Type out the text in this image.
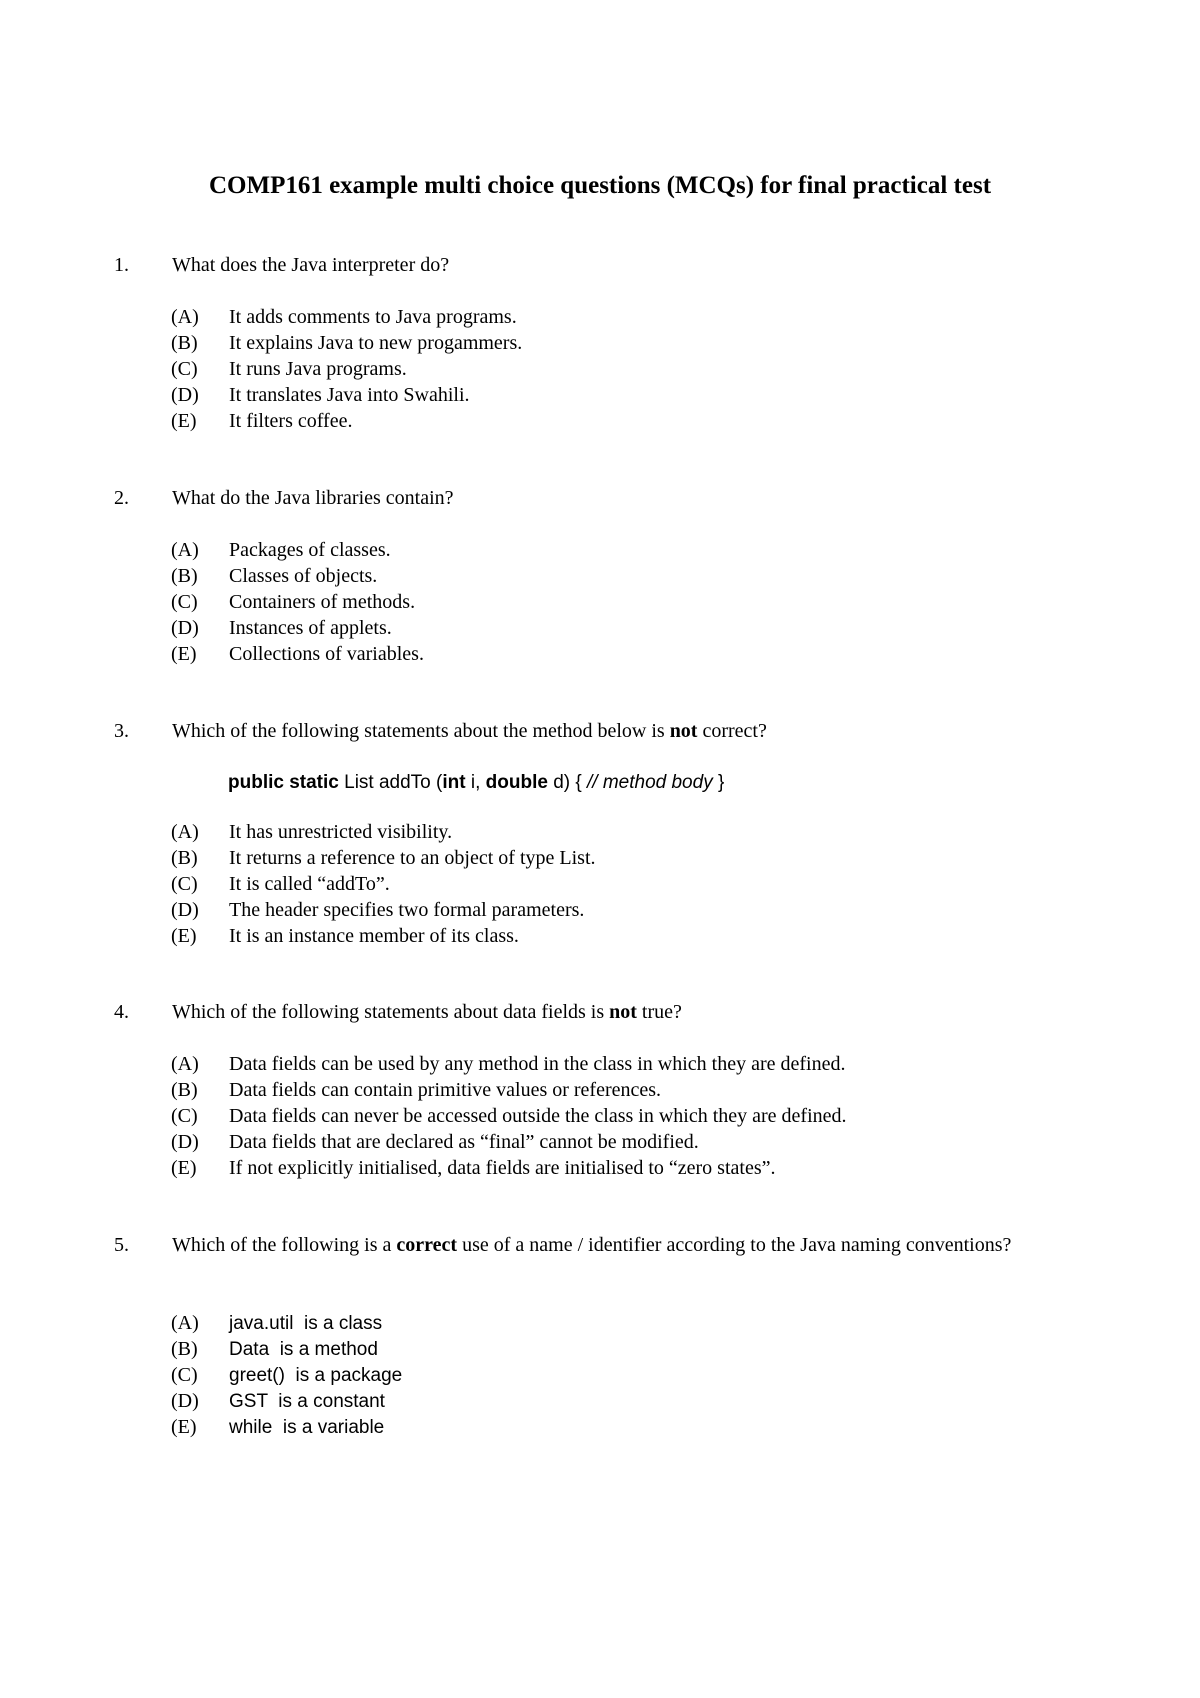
COMP161 example multi choice questions (MCQs) for final practical test
1. What does the Java interpreter do?
(A) It adds comments to Java programs.
(B) It explains Java to new progammers.
(C) It runs Java programs.
(D) It translates Java into Swahili.
(E) It filters coffee.
2. What do the Java libraries contain?
(A) Packages of classes.
(B) Classes of objects.
(C) Containers of methods.
(D) Instances of applets.
(E) Collections of variables.
3. Which of the following statements about the method below is not correct?
public static List addTo (int i, double d) { // method body }
(A) It has unrestricted visibility.
(B) It returns a reference to an object of type List.
(C) It is called “addTo”.
(D) The header specifies two formal parameters.
(E) It is an instance member of its class.
4. Which of the following statements about data fields is not true?
(A) Data fields can be used by any method in the class in which they are defined.
(B) Data fields can contain primitive values or references.
(C) Data fields can never be accessed outside the class in which they are defined.
(D) Data fields that are declared as “final” cannot be modified.
(E) If not explicitly initialised, data fields are initialised to “zero states”.
5. Which of the following is a correct use of a name / identifier according to the Java naming conventions?
(A) java.util  is a class
(B) Data  is a method
(C) greet()  is a package
(D) GST  is a constant
(E) while  is a variable
